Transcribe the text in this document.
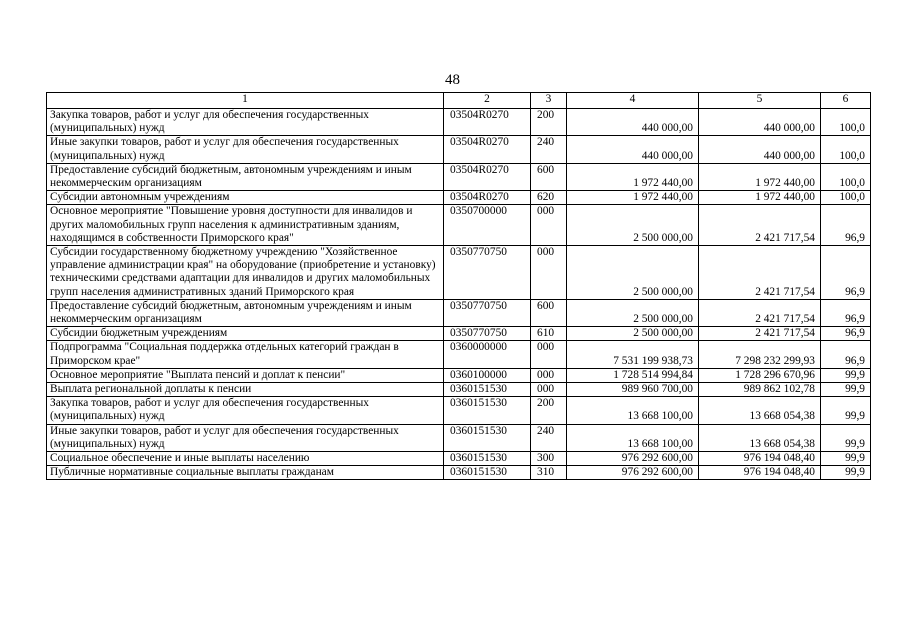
48
1	2	3	4	5	6
Закупка товаров, работ и услуг для обеспечения государственных (муниципальных) нужд	03504R0270	200	440 000,00	440 000,00	100,0
Иные закупки товаров, работ и услуг для обеспечения государственных (муниципальных) нужд	03504R0270	240	440 000,00	440 000,00	100,0
Предоставление субсидий бюджетным, автономным учреждениям и иным некоммерческим организациям	03504R0270	600	1 972 440,00	1 972 440,00	100,0
Субсидии автономным учреждениям	03504R0270	620	1 972 440,00	1 972 440,00	100,0
Основное мероприятие "Повышение уровня доступности для инвалидов и других маломобильных групп населения к административным зданиям, находящимся в собственности Приморского края"	0350700000	000	2 500 000,00	2 421 717,54	96,9
Субсидии государственному бюджетному учреждению "Хозяйственное управление администрации края" на оборудование (приобретение и установку) техническими средствами адаптации для инвалидов и других маломобильных групп населения административных зданий Приморского края	0350770750	000	2 500 000,00	2 421 717,54	96,9
Предоставление субсидий бюджетным, автономным учреждениям и иным некоммерческим организациям	0350770750	600	2 500 000,00	2 421 717,54	96,9
Субсидии бюджетным учреждениям	0350770750	610	2 500 000,00	2 421 717,54	96,9
Подпрограмма "Социальная поддержка отдельных категорий граждан в Приморском крае"	0360000000	000	7 531 199 938,73	7 298 232 299,93	96,9
Основное мероприятие "Выплата пенсий и доплат к пенсии"	0360100000	000	1 728 514 994,84	1 728 296 670,96	99,9
Выплата региональной доплаты к пенсии	0360151530	000	989 960 700,00	989 862 102,78	99,9
Закупка товаров, работ и услуг для обеспечения государственных (муниципальных) нужд	0360151530	200	13 668 100,00	13 668 054,38	99,9
Иные закупки товаров, работ и услуг для обеспечения государственных (муниципальных) нужд	0360151530	240	13 668 100,00	13 668 054,38	99,9
Социальное обеспечение и иные выплаты населению	0360151530	300	976 292 600,00	976 194 048,40	99,9
Публичные нормативные социальные выплаты гражданам	0360151530	310	976 292 600,00	976 194 048,40	99,9
